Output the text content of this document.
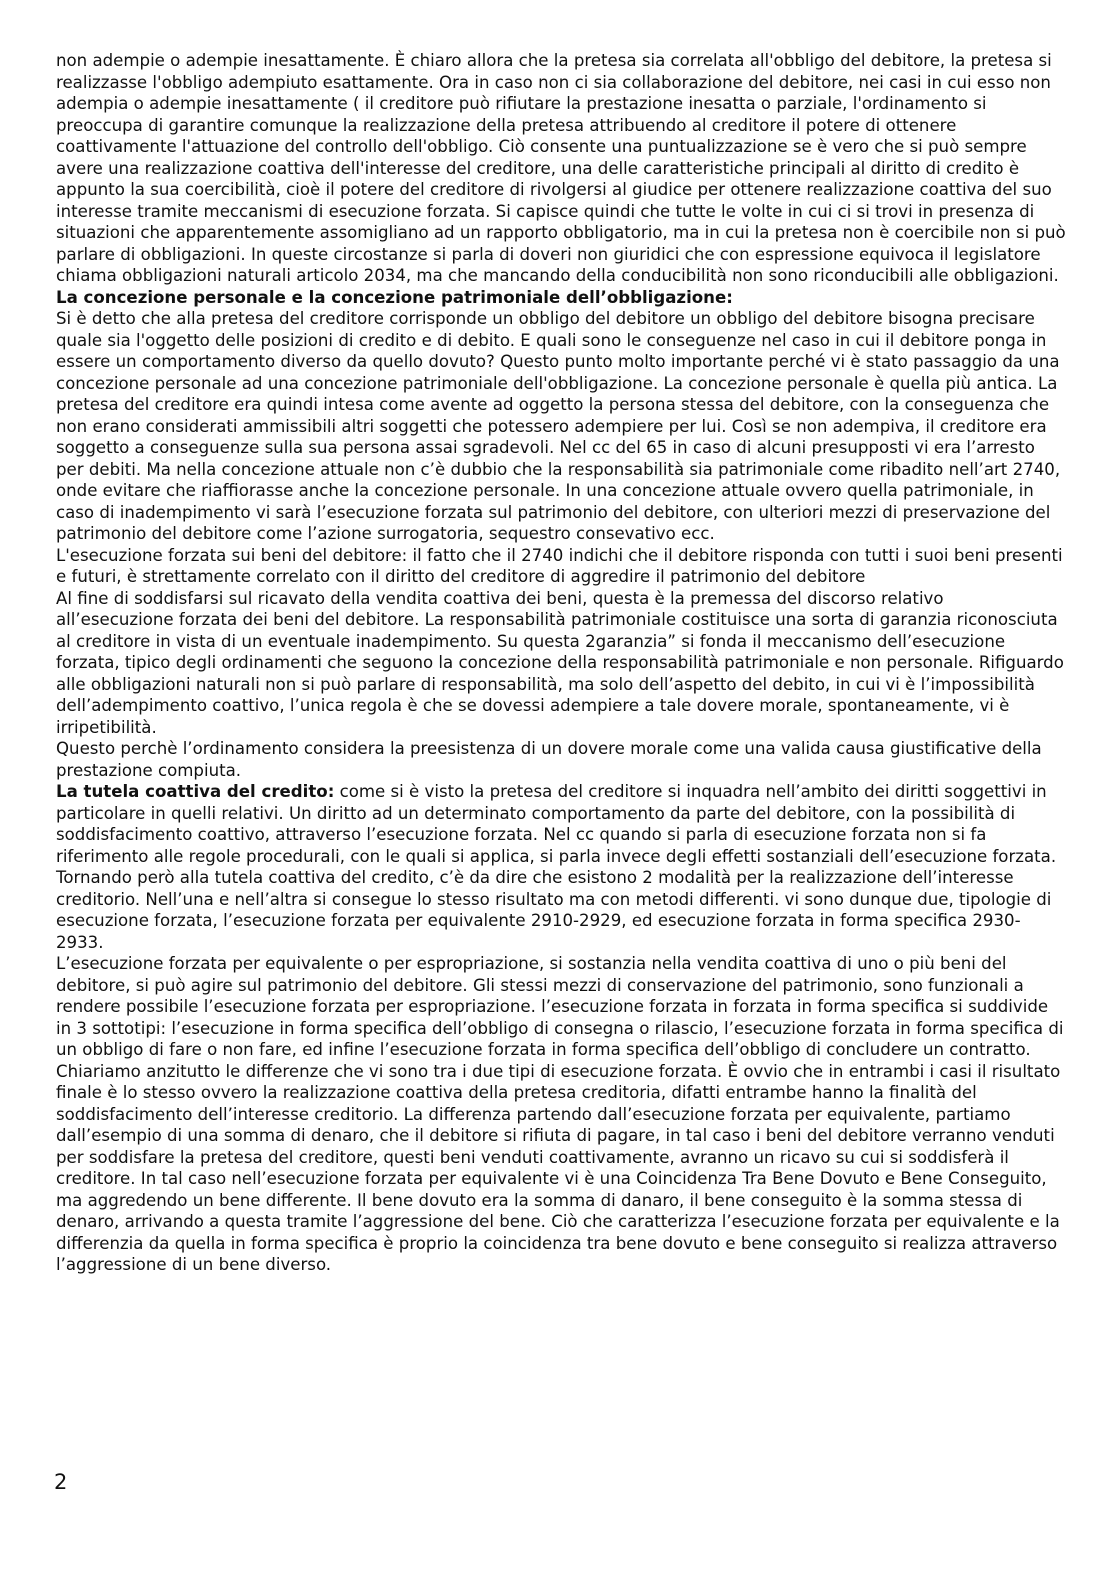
non adempie o adempie inesattamente. È chiaro allora che la pretesa sia correlata all'obbligo del debitore, la pretesa si realizzasse l'obbligo adempiuto esattamente. Ora in caso non ci sia collaborazione del debitore, nei casi in cui esso non adempia o adempie inesattamente ( il creditore può rifiutare la prestazione inesatta o parziale, l'ordinamento si preoccupa di garantire comunque la realizzazione della pretesa attribuendo al creditore il potere di ottenere coattivamente l'attuazione del controllo dell'obbligo. Ciò consente una puntualizzazione se è vero che si può sempre avere una realizzazione coattiva dell'interesse del creditore, una delle caratteristiche principali al diritto di credito è appunto la sua coercibilità, cioè il potere del creditore di rivolgersi al giudice per ottenere realizzazione coattiva del suo interesse tramite meccanismi di esecuzione forzata. Si capisce quindi che tutte le volte in cui ci si trovi in presenza di situazioni che apparentemente assomigliano ad un rapporto obbligatorio, ma in cui la pretesa non è coercibile non si può parlare di obbligazioni. In queste circostanze si parla di doveri non giuridici che con espressione equivoca il legislatore chiama obbligazioni naturali articolo 2034, ma che mancando della conducibilità non sono riconducibili alle obbligazioni.

La concezione personale e la concezione patrimoniale dell’obbligazione:

Si è detto che alla pretesa del creditore corrisponde un obbligo del debitore un obbligo del debitore bisogna precisare quale sia l'oggetto delle posizioni di credito e di debito. E quali sono le conseguenze nel caso in cui il debitore ponga in essere un comportamento diverso da quello dovuto? Questo punto molto importante perché vi è stato passaggio da una concezione personale ad una concezione patrimoniale dell'obbligazione. La concezione personale è quella più antica. La pretesa del creditore era quindi intesa come avente ad oggetto la persona stessa del debitore, con la conseguenza che non erano considerati ammissibili altri soggetti che potessero adempiere per lui. Così se non adempiva, il creditore era soggetto a conseguenze sulla sua persona assai sgradevoli. Nel cc del 65 in caso di alcuni presupposti vi era l’arresto per debiti. Ma nella concezione attuale non c’è dubbio che la responsabilità sia patrimoniale come ribadito nell’art 2740, onde evitare che riaffiorasse anche la concezione personale. In una concezione attuale ovvero quella patrimoniale, in caso di inadempimento vi sarà l’esecuzione forzata sul patrimonio del debitore, con ulteriori mezzi di preservazione del patrimonio del debitore come l’azione surrogatoria, sequestro consevativo ecc.

L'esecuzione forzata sui beni del debitore: il fatto che il 2740 indichi che il debitore risponda con tutti i suoi beni presenti e futuri, è strettamente correlato con il diritto del creditore di aggredire il patrimonio del debitore

Al fine di soddisfarsi sul ricavato della vendita coattiva dei beni, questa è la premessa del discorso relativo all’esecuzione forzata dei beni del debitore. La responsabilità patrimoniale costituisce una sorta di garanzia riconosciuta al creditore in vista di un eventuale inadempimento. Su questa 2garanzia” si fonda il meccanismo dell’esecuzione forzata, tipico degli ordinamenti che seguono la concezione della responsabilità patrimoniale e non personale. Rifiguardo alle obbligazioni naturali non si può parlare di responsabilità, ma solo dell’aspetto del debito, in cui vi è l’impossibilità dell’adempimento coattivo, l’unica regola è che se dovessi adempiere a tale dovere morale, spontaneamente, vi è irripetibilità.

Questo perchè l’ordinamento considera la preesistenza di un dovere morale come una valida causa giustificative della prestazione compiuta.

La tutela coattiva del credito: come si è visto la pretesa del creditore si inquadra nell’ambito dei diritti soggettivi in particolare in quelli relativi. Un diritto ad un determinato comportamento da parte del debitore, con la possibilità di soddisfacimento coattivo, attraverso l’esecuzione forzata. Nel cc quando si parla di esecuzione forzata non si fa riferimento alle regole procedurali, con le quali si applica, si parla invece degli effetti sostanziali dell’esecuzione forzata. Tornando però alla tutela coattiva del credito, c’è da dire che esistono 2 modalità per la realizzazione dell’interesse creditorio. Nell’una e nell’altra si consegue lo stesso risultato ma con metodi differenti. vi sono dunque due, tipologie di esecuzione forzata, l’esecuzione forzata per equivalente 2910-2929, ed esecuzione forzata in forma specifica 2930-2933.

L’esecuzione forzata per equivalente o per espropriazione, si sostanzia nella vendita coattiva di uno o più beni del debitore, si può agire sul patrimonio del debitore. Gli stessi mezzi di conservazione del patrimonio, sono funzionali a rendere possibile l’esecuzione forzata per espropriazione. l’esecuzione forzata in forzata in forma specifica si suddivide in 3 sottotipi: l’esecuzione in forma specifica dell’obbligo di consegna o rilascio, l’esecuzione forzata in forma specifica di un obbligo di fare o non fare, ed infine l’esecuzione forzata in forma specifica dell’obbligo di concludere un contratto.

Chiariamo anzitutto le differenze che vi sono tra i due tipi di esecuzione forzata. È ovvio che in entrambi i casi il risultato finale è lo stesso ovvero la realizzazione coattiva della pretesa creditoria, difatti entrambe hanno la finalità del soddisfacimento dell’interesse creditorio. La differenza partendo dall’esecuzione forzata per equivalente, partiamo dall’esempio di una somma di denaro, che il debitore si rifiuta di pagare, in tal caso i beni del debitore verranno venduti per soddisfare la pretesa del creditore, questi beni venduti coattivamente, avranno un ricavo su cui si soddisferà il creditore. In tal caso nell’esecuzione forzata per equivalente vi è una Coincidenza Tra Bene Dovuto e Bene Conseguito, ma aggredendo un bene differente. Il bene dovuto era la somma di danaro, il bene conseguito è la somma stessa di denaro, arrivando a questa tramite l’aggressione del bene. Ciò che caratterizza l’esecuzione forzata per equivalente e la differenzia da quella in forma specifica è proprio la coincidenza tra bene dovuto e bene conseguito si realizza attraverso l’aggressione di un bene diverso.

2
